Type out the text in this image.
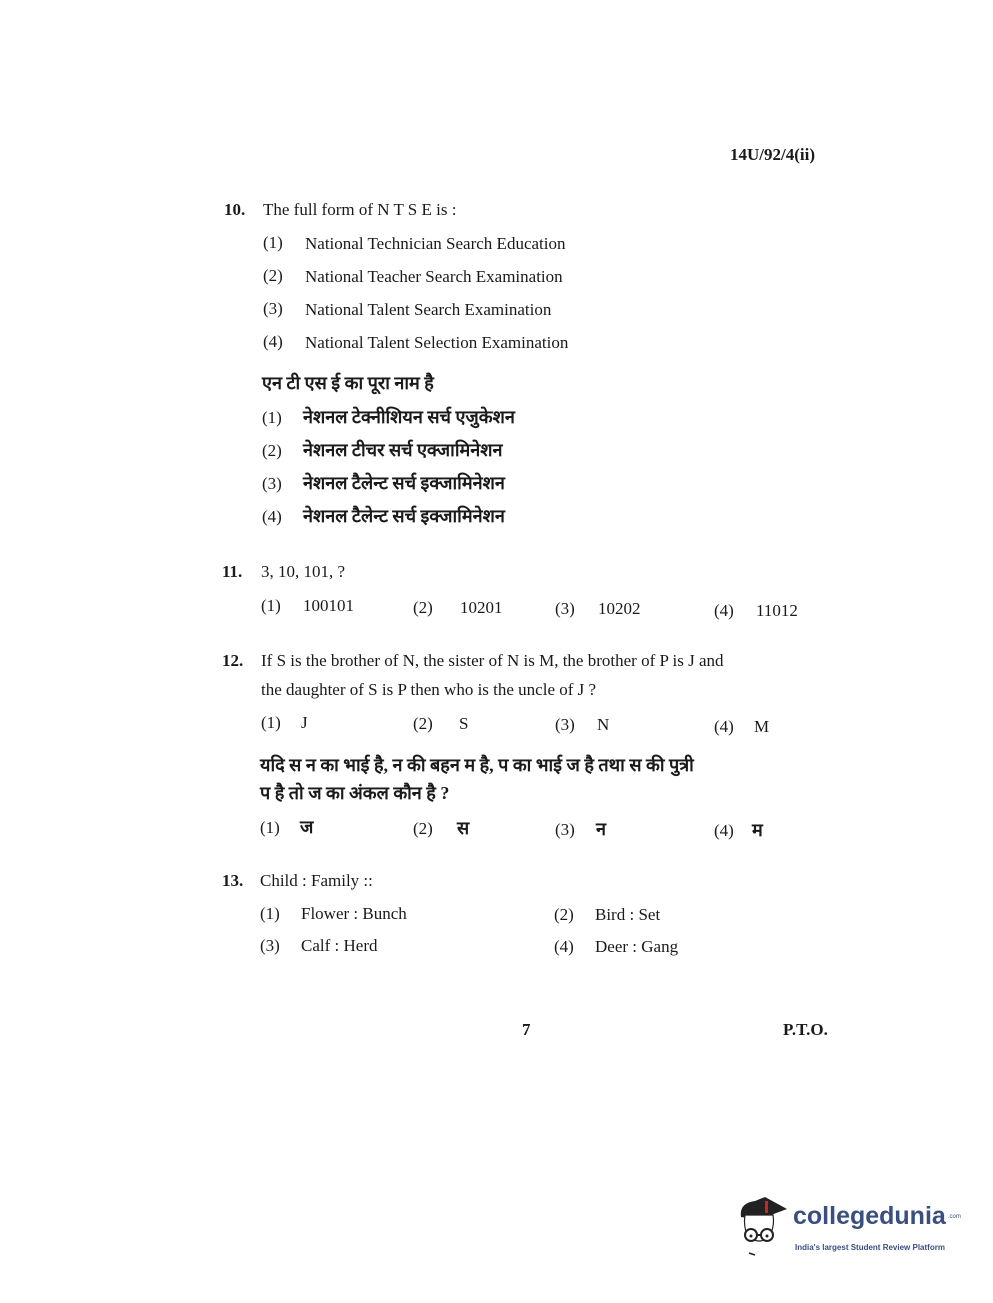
14U/92/4(ii)
10. The full form of N T S E is :
(1) National Technician Search Education
(2) National Teacher Search Examination
(3) National Talent Search Examination
(4) National Talent Selection Examination
एन टी एस ई का पूरा नाम है
(1) नेशनल टेक्नीशियन सर्च एजुकेशन
(2) नेशनल टीचर सर्च एक्जामिनेशन
(3) नेशनल टैलेन्ट सर्च इक्जामिनेशन
(4) नेशनल टैलेन्ट सर्च इक्जामिनेशन
11. 3, 10, 101, ?
(1) 100101	(2) 10201	(3) 10202	(4) 11012
12. If S is the brother of N, the sister of N is M, the brother of P is J and
the daughter of S is P then who is the uncle of J ?
(1) J	(2) S	(3) N	(4) M
यदि स न का भाई है, न की बहन म है, प का भाई ज है तथा स की पुत्री
प है तो ज का अंकल कौन है ?
(1) ज	(2) स	(3) न	(4) म
13. Child : Family ::
(1) Flower : Bunch	(2) Bird : Set
(3) Calf : Herd	(4) Deer : Gang
7	P.T.O.
collegedunia .com
India's largest Student Review Platform
